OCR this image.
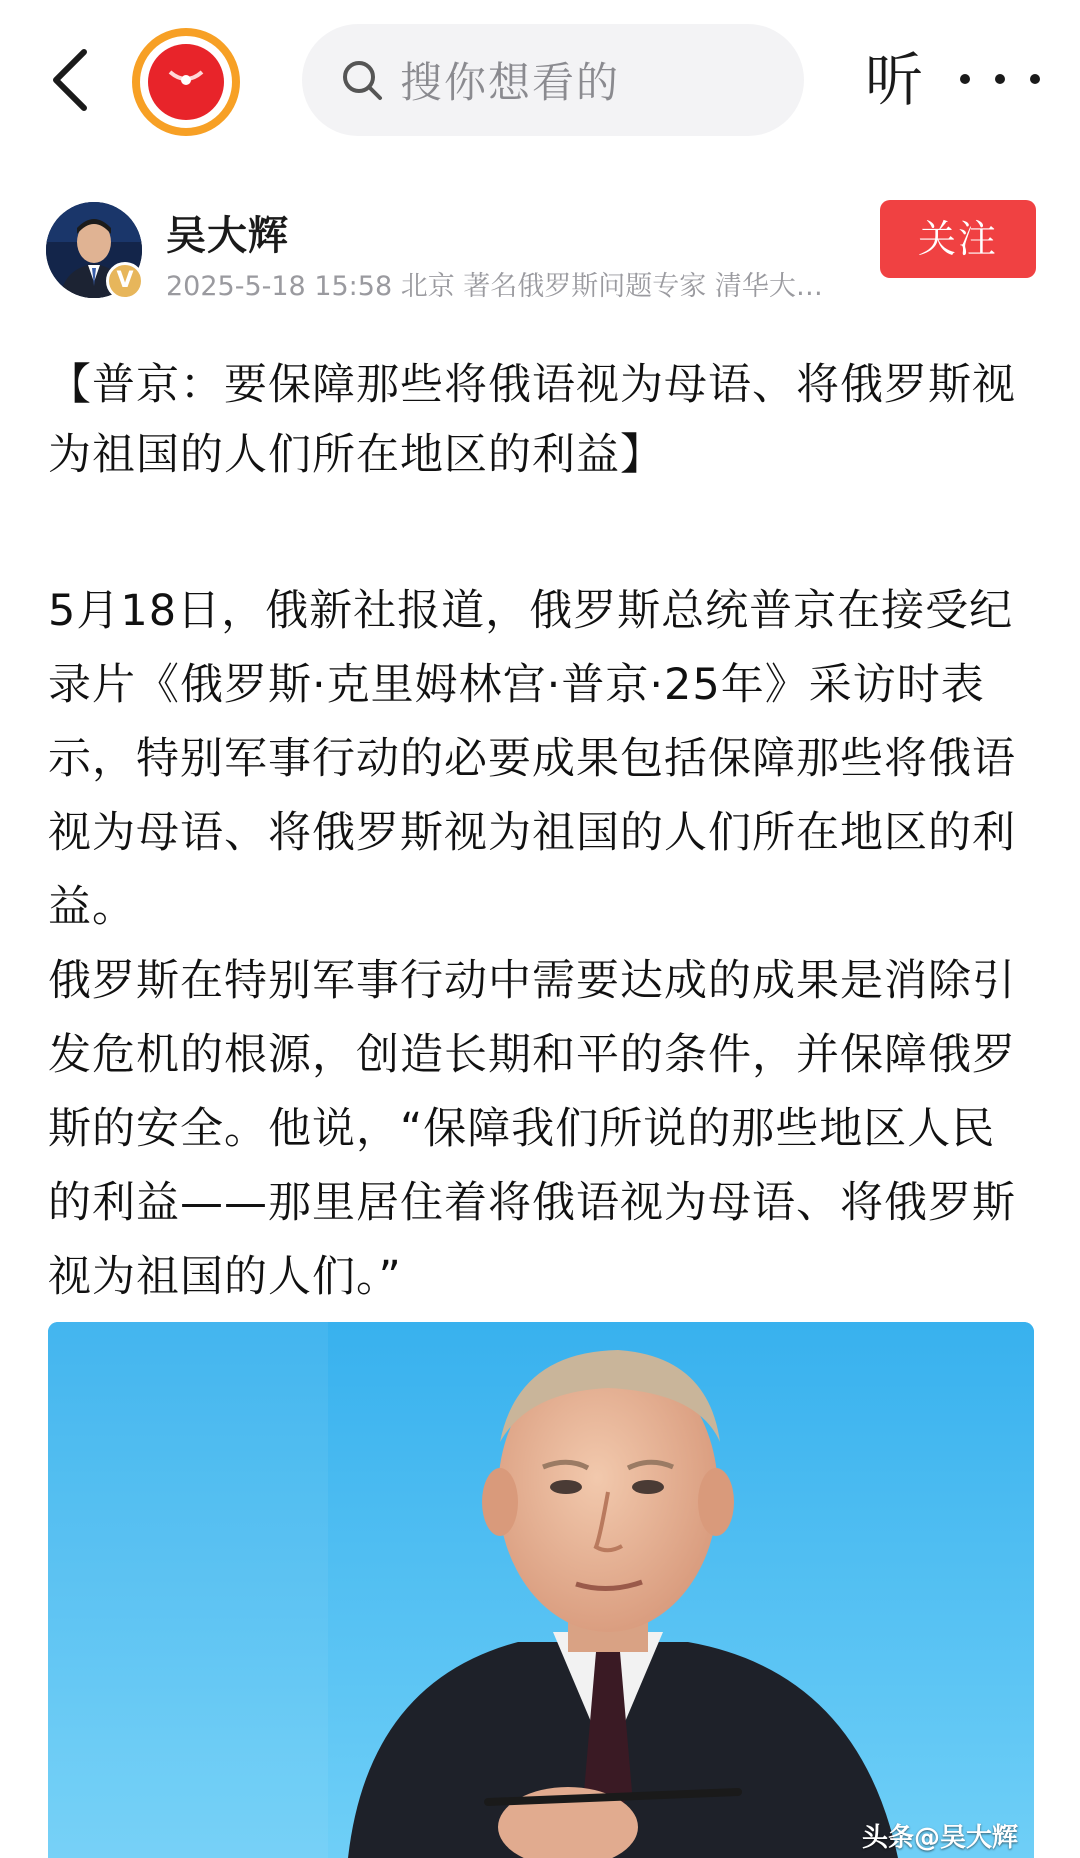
搜你想看的	听
V
吴大辉
2025-5-18 15:58 北京 著名俄罗斯问题专家 清华大…
关注
【普京：要保障那些将俄语视为母语、将俄罗斯视为祖国的人们所在地区的利益】

5月18日，俄新社报道，俄罗斯总统普京在接受纪录片《俄罗斯·克里姆林宫·普京·25年》采访时表示，特别军事行动的必要成果包括保障那些将俄语视为母语、将俄罗斯视为祖国的人们所在地区的利益。

俄罗斯在特别军事行动中需要达成的成果是消除引发危机的根源，创造长期和平的条件，并保障俄罗斯的安全。他说，“保障我们所说的那些地区人民的利益——那里居住着将俄语视为母语、将俄罗斯视为祖国的人们。”

头条@吴大辉
